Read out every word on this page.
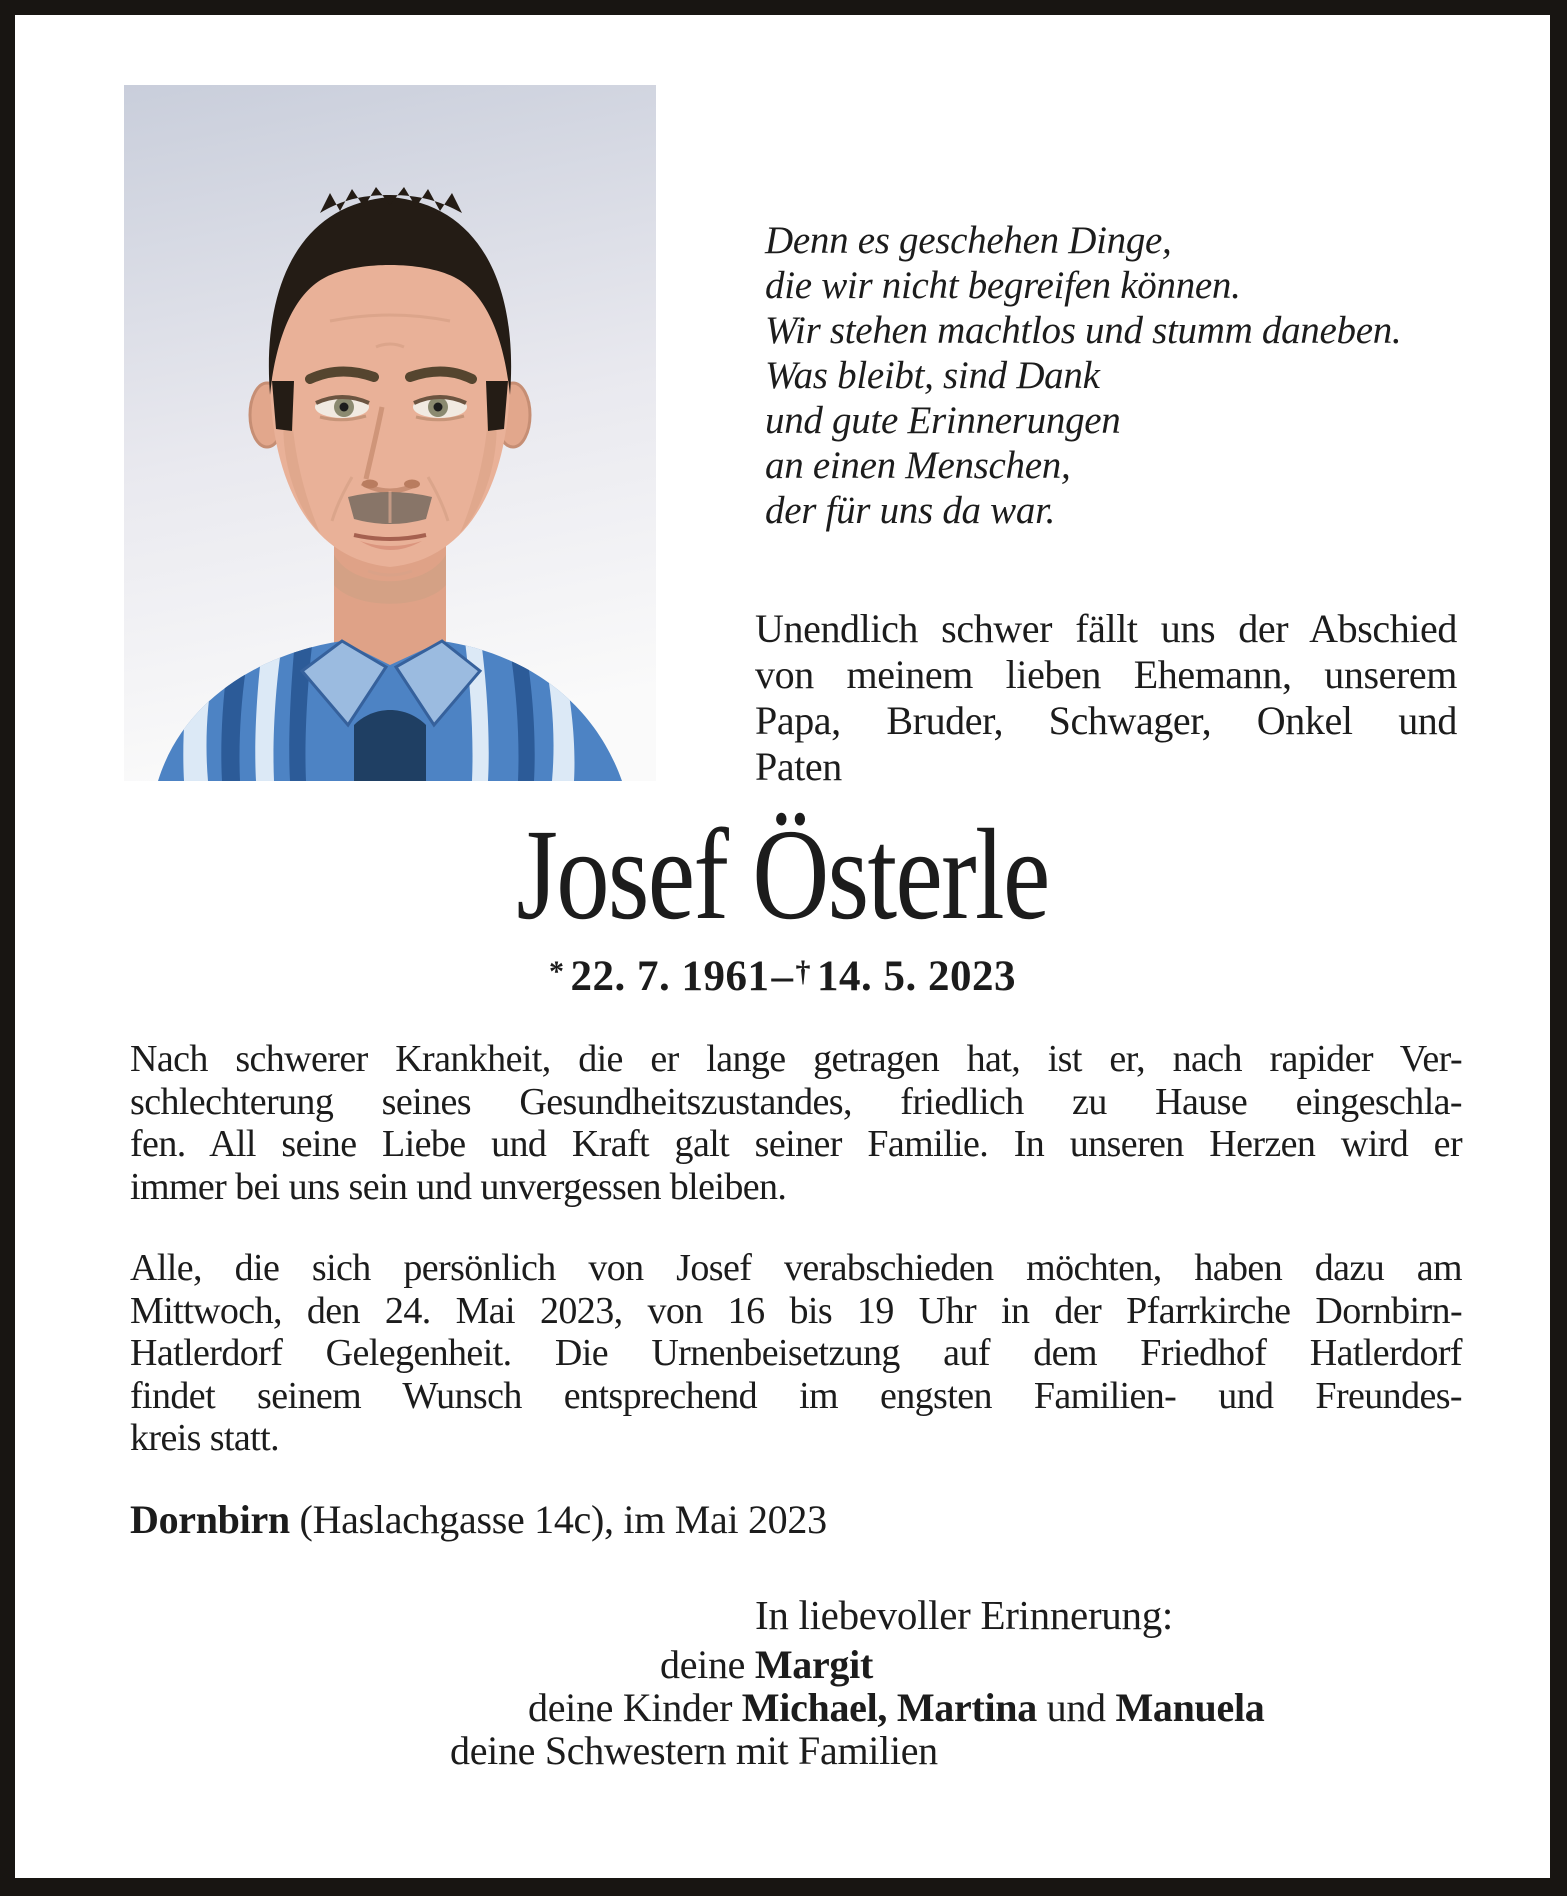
Denn es geschehen Dinge,
die wir nicht begreifen können.
Wir stehen machtlos und stumm daneben.
Was bleibt, sind Dank
und gute Erinnerungen
an einen Menschen,
der für uns da war.
Unendlich schwer fällt uns der Abschied
von meinem lieben Ehemann, unserem
Papa, Bruder, Schwager, Onkel und
Paten
Josef Österle
* 22. 7. 1961–† 14. 5. 2023
Nach schwerer Krankheit, die er lange getragen hat, ist er, nach rapider Ver-
schlechterung seines Gesundheitszustandes, friedlich zu Hause eingeschla-
fen. All seine Liebe und Kraft galt seiner Familie. In unseren Herzen wird er
immer bei uns sein und unvergessen bleiben.
Alle, die sich persönlich von Josef verabschieden möchten, haben dazu am
Mittwoch, den 24. Mai 2023, von 16 bis 19 Uhr in der Pfarrkirche Dornbirn-
Hatlerdorf Gelegenheit. Die Urnenbeisetzung auf dem Friedhof Hatlerdorf
findet seinem Wunsch entsprechend im engsten Familien- und Freundes-
kreis statt.
Dornbirn (Haslachgasse 14c), im Mai 2023
In liebevoller Erinnerung:
deine Margit
deine Kinder Michael, Martina und Manuela
deine Schwestern mit Familien
